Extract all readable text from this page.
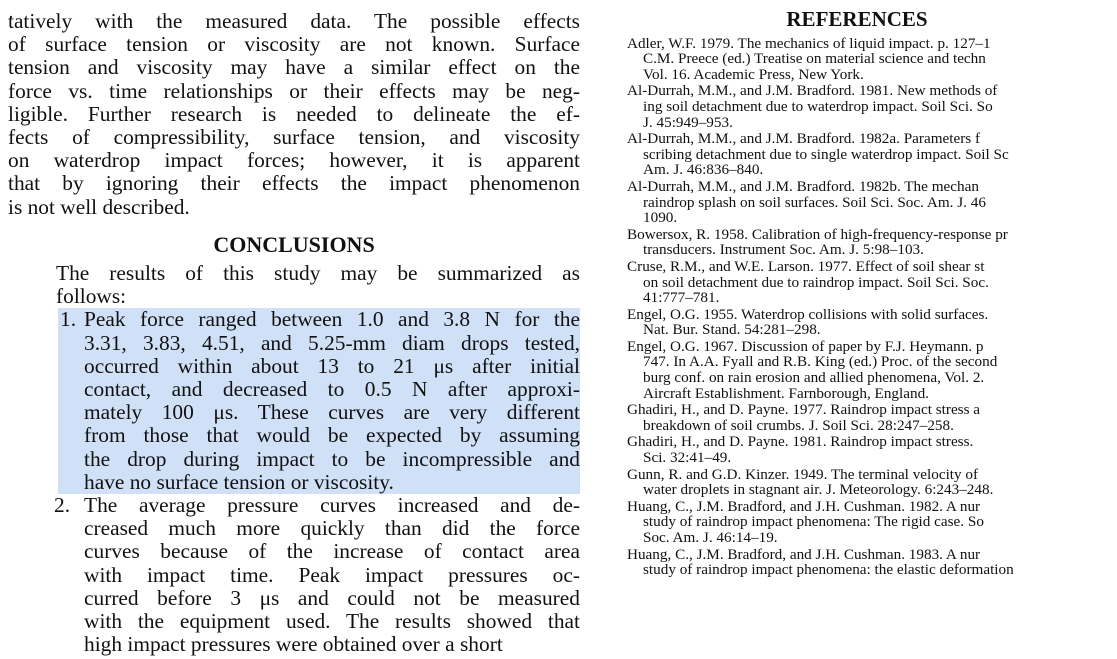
tatively with the measured data. The possible effects
of surface tension or viscosity are not known. Surface
tension and viscosity may have a similar effect on the
force vs. time relationships or their effects may be neg-
ligible. Further research is needed to delineate the ef-
fects of compressibility, surface tension, and viscosity
on waterdrop impact forces; however, it is apparent
that by ignoring their effects the impact phenomenon
is not well described.

CONCLUSIONS

The results of this study may be summarized as
follows:

1. Peak force ranged between 1.0 and 3.8 N for the
3.31, 3.83, 4.51, and 5.25-mm diam drops tested,
occurred within about 13 to 21 μs after initial
contact, and decreased to 0.5 N after approxi-
mately 100 μs. These curves are very different
from those that would be expected by assuming
the drop during impact to be incompressible and
have no surface tension or viscosity.
2. The average pressure curves increased and de-
creased much more quickly than did the force
curves because of the increase of contact area
with impact time. Peak impact pressures oc-
curred before 3 μs and could not be measured
with the equipment used. The results showed that
high impact pressures were obtained over a short
REFERENCES
Adler, W.F. 1979. The mechanics of liquid impact. p. 127–1
C.M. Preece (ed.) Treatise on material science and techn
Vol. 16. Academic Press, New York.
Al-Durrah, M.M., and J.M. Bradford. 1981. New methods of
ing soil detachment due to waterdrop impact. Soil Sci. So
J. 45:949–953.
Al-Durrah, M.M., and J.M. Bradford. 1982a. Parameters f
scribing detachment due to single waterdrop impact. Soil Sc
Am. J. 46:836–840.
Al-Durrah, M.M., and J.M. Bradford. 1982b. The mechan
raindrop splash on soil surfaces. Soil Sci. Soc. Am. J. 46
1090.
Bowersox, R. 1958. Calibration of high-frequency-response pr
transducers. Instrument Soc. Am. J. 5:98–103.
Cruse, R.M., and W.E. Larson. 1977. Effect of soil shear st
on soil detachment due to raindrop impact. Soil Sci. Soc.
41:777–781.
Engel, O.G. 1955. Waterdrop collisions with solid surfaces.
Nat. Bur. Stand. 54:281–298.
Engel, O.G. 1967. Discussion of paper by F.J. Heymann. p
747. In A.A. Fyall and R.B. King (ed.) Proc. of the second
burg conf. on rain erosion and allied phenomena, Vol. 2.
Aircraft Establishment. Farnborough, England.
Ghadiri, H., and D. Payne. 1977. Raindrop impact stress a
breakdown of soil crumbs. J. Soil Sci. 28:247–258.
Ghadiri, H., and D. Payne. 1981. Raindrop impact stress.
Sci. 32:41–49.
Gunn, R. and G.D. Kinzer. 1949. The terminal velocity of
water droplets in stagnant air. J. Meteorology. 6:243–248.
Huang, C., J.M. Bradford, and J.H. Cushman. 1982. A nur
study of raindrop impact phenomena: The rigid case. So
Soc. Am. J. 46:14–19.
Huang, C., J.M. Bradford, and J.H. Cushman. 1983. A nur
study of raindrop impact phenomena: the elastic deformation
